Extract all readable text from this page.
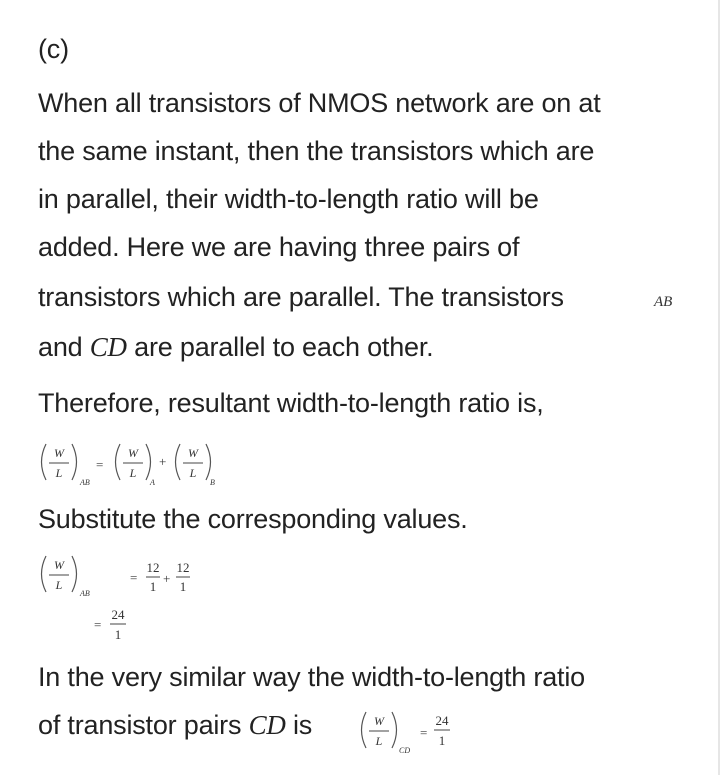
(c)
When all transistors of NMOS network are on at
the same instant, then the transistors which are
in parallel, their width-to-length ratio will be
added. Here we are having three pairs of
transistors which are parallel. The transistors	AB
and CD are parallel to each other.
Therefore, resultant width-to-length ratio is,
W
L
W
L
W
L
AB	A	B
=	+
Substitute the corresponding values.
W
L
AB
=
12
1
12
1
+
=
24
1
In the very similar way the width-to-length ratio
of transistor pairs CD is	W
L
CD
=
24
1
